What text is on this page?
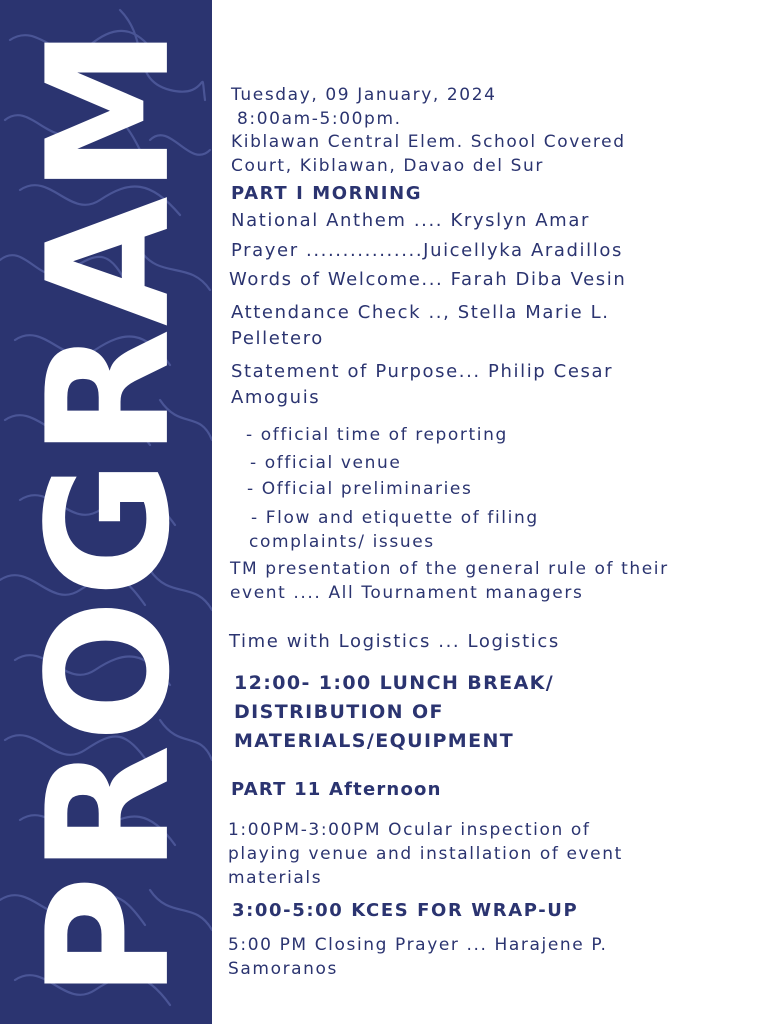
PROGRAM Tuesday, 09 January, 2024
8:00am-5:00pm.
Kiblawan Central Elem. School Covered
Court, Kiblawan, Davao del Sur
PART I MORNING
National Anthem .... Kryslyn Amar
Prayer ................Juicellyka Aradillos
Words of Welcome... Farah Diba Vesin
Attendance Check .., Stella Marie L.
Pelletero
Statement of Purpose... Philip Cesar
Amoguis
- official time of reporting
- official venue
- Official preliminaries
- Flow and etiquette of filing
complaints/ issues
TM presentation of the general rule of their
event .... All Tournament managers
Time with Logistics ... Logistics
12:00- 1:00 LUNCH BREAK/
DISTRIBUTION OF
MATERIALS/EQUIPMENT
PART 11 Afternoon
1:00PM-3:00PM Ocular inspection of
playing venue and installation of event
materials
3:00-5:00 KCES FOR WRAP-UP
5:00 PM Closing Prayer ... Harajene P.
Samoranos
